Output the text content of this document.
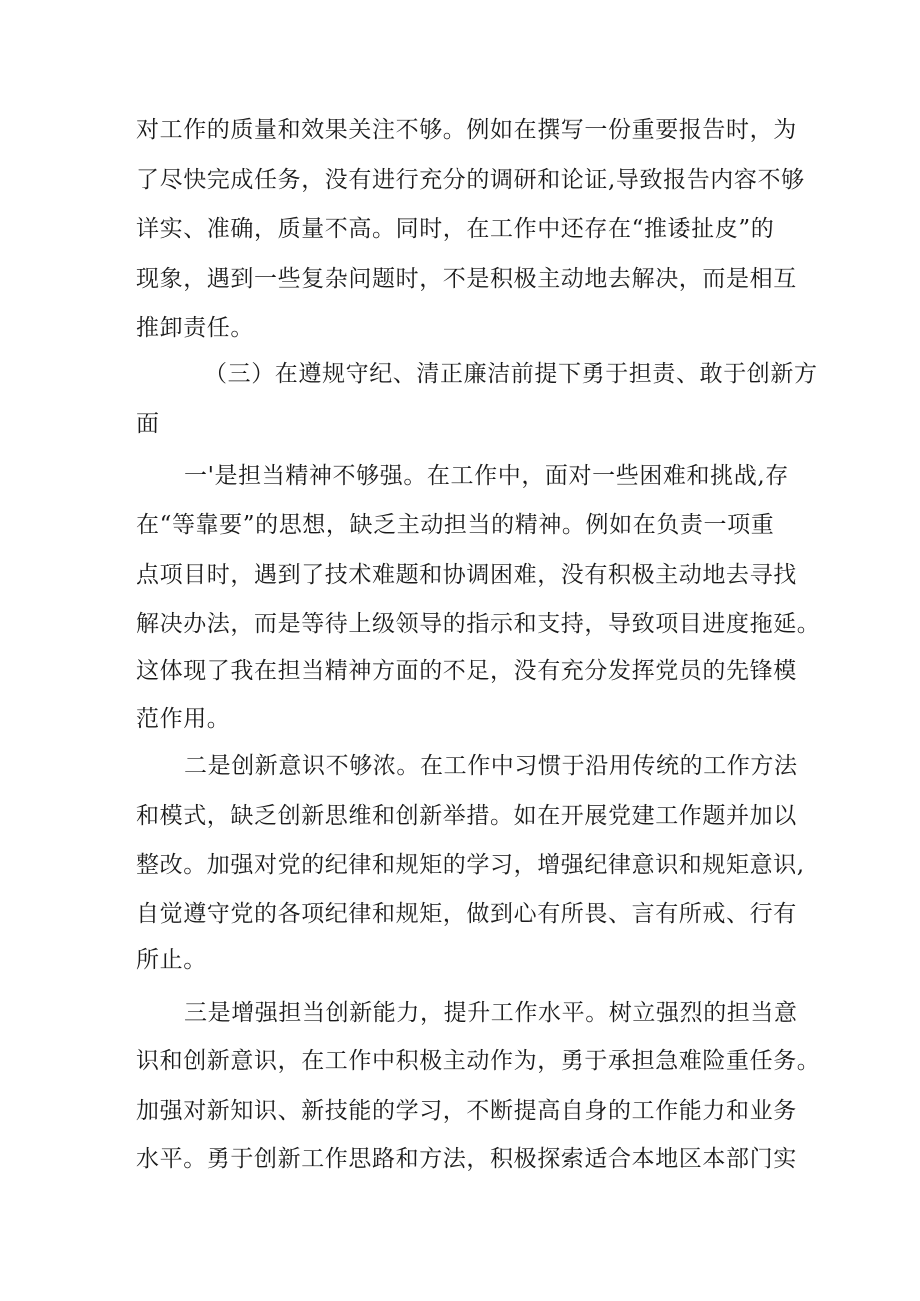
对工作的质量和效果关注不够。例如在撰写一份重要报告时，为
了尽快完成任务，没有进行充分的调研和论证,导致报告内容不够
详实、准确，质量不高。同时，在工作中还存在“推诿扯皮”的
现象，遇到一些复杂问题时，不是积极主动地去解决，而是相互
推卸责任。
（三）在遵规守纪、清正廉洁前提下勇于担责、敢于创新方
面
一'是担当精神不够强。在工作中，面对一些困难和挑战,存
在“等靠要”的思想，缺乏主动担当的精神。例如在负责一项重
点项目时，遇到了技术难题和协调困难，没有积极主动地去寻找
解决办法，而是等待上级领导的指示和支持，导致项目进度拖延。
这体现了我在担当精神方面的不足，没有充分发挥党员的先锋模
范作用。
二是创新意识不够浓。在工作中习惯于沿用传统的工作方法
和模式，缺乏创新思维和创新举措。如在开展党建工作题并加以
整改。加强对党的纪律和规矩的学习，增强纪律意识和规矩意识,
自觉遵守党的各项纪律和规矩，做到心有所畏、言有所戒、行有
所止。
三是增强担当创新能力，提升工作水平。树立强烈的担当意
识和创新意识，在工作中积极主动作为，勇于承担急难险重任务。
加强对新知识、新技能的学习，不断提高自身的工作能力和业务
水平。勇于创新工作思路和方法，积极探索适合本地区本部门实
